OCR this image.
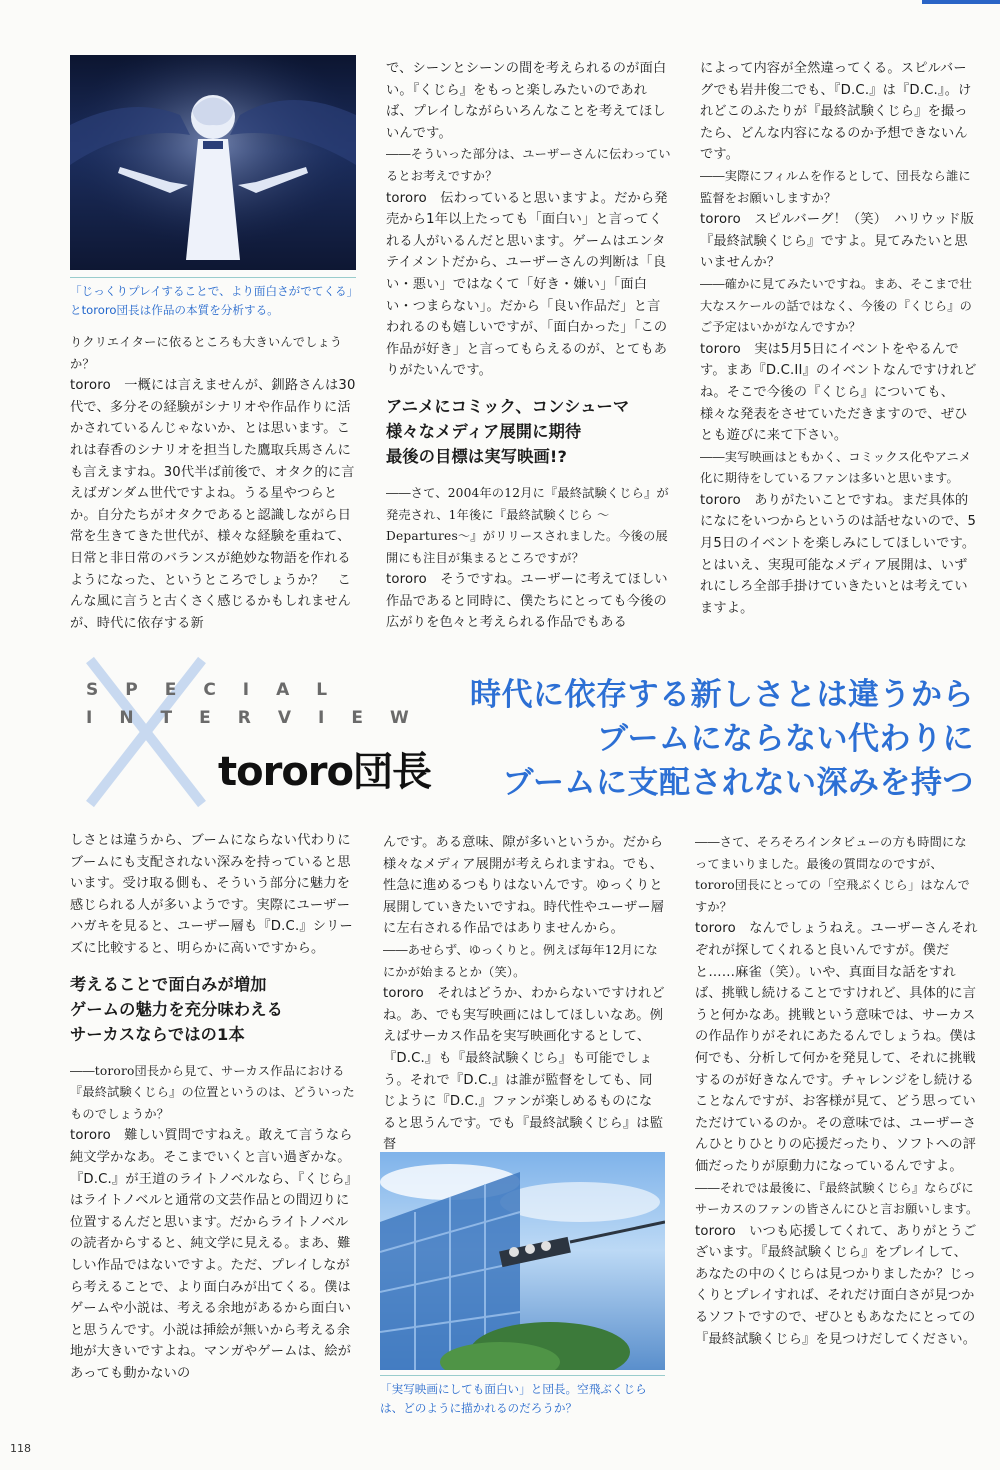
「じっくりプレイすることで、より面白さがでてくる」とtororo団長は作品の本質を分析する。

りクリエイターに依るところも大きいんでしょうか？

tororo　一概には言えませんが、釧路さんは30代で、多分その経験がシナリオや作品作りに活かされているんじゃないか、とは思います。これは春香のシナリオを担当した鷹取兵馬さんにも言えますね。30代半ば前後で、オタク的に言えばガンダム世代ですよね。うる星やつらとか。自分たちがオタクであると認識しながら日常を生きてきた世代が、様々な経験を重ねて、日常と非日常のバランスが絶妙な物語を作れるようになった、というところでしょうか？　こんな風に言うと古くさく感じるかもしれませんが、時代に依存する新

で、シーンとシーンの間を考えられるのが面白い。『くじら』をもっと楽しみたいのであれば、プレイしながらいろんなことを考えてほしいんです。

――そういった部分は、ユーザーさんに伝わっているとお考えですか？

tororo　伝わっていると思いますよ。だから発売から1年以上たっても「面白い」と言ってくれる人がいるんだと思います。ゲームはエンタテイメントだから、ユーザーさんの判断は「良い・悪い」ではなくて「好き・嫌い」「面白い・つまらない」。だから「良い作品だ」と言われるのも嬉しいですが、「面白かった」「この作品が好き」と言ってもらえるのが、とてもありがたいんです。

アニメにコミック、コンシューマ
様々なメディア展開に期待
最後の目標は実写映画!?

――さて、2004年の12月に『最終試験くじら』が発売され、1年後に『最終試験くじら ～Departures～』がリリースされました。今後の展開にも注目が集まるところですが？

tororo　そうですね。ユーザーに考えてほしい作品であると同時に、僕たちにとっても今後の広がりを色々と考えられる作品でもある

によって内容が全然違ってくる。スピルバーグでも岩井俊二でも、『D.C.』は『D.C.』。けれどこのふたりが『最終試験くじら』を撮ったら、どんな内容になるのか予想できないんです。

――実際にフィルムを作るとして、団長なら誰に監督をお願いしますか？

tororo　スピルバーグ！（笑）　ハリウッド版『最終試験くじら』ですよ。見てみたいと思いませんか？

――確かに見てみたいですね。まあ、そこまで壮大なスケールの話ではなく、今後の『くじら』のご予定はいかがなんですか？

tororo　実は5月5日にイベントをやるんです。まあ『D.C.II』のイベントなんですけれどね。そこで今後の『くじら』についても、様々な発表をさせていただきますので、ぜひとも遊びに来て下さい。

――実写映画はともかく、コミックス化やアニメ化に期待をしているファンは多いと思います。

tororo　ありがたいことですね。まだ具体的になにをいつからというのは話せないので、5月5日のイベントを楽しみにしてほしいです。とはいえ、実現可能なメディア展開は、いずれにしろ全部手掛けていきたいとは考えていますよ。

SPECIAL
INTERVIEW
tororo団長
時代に依存する新しさとは違うから
ブームにならない代わりに
ブームに支配されない深みを持つ

しさとは違うから、ブームにならない代わりにブームにも支配されない深みを持っていると思います。受け取る側も、そういう部分に魅力を感じられる人が多いようです。実際にユーザーハガキを見ると、ユーザー層も『D.C.』シリーズに比較すると、明らかに高いですから。

考えることで面白みが増加
ゲームの魅力を充分味わえる
サーカスならではの1本

――tororo団長から見て、サーカス作品における『最終試験くじら』の位置というのは、どういったものでしょうか？

tororo　難しい質問ですねえ。敢えて言うなら純文学かなあ。そこまでいくと言い過ぎかな。『D.C.』が王道のライトノベルなら、『くじら』はライトノベルと通常の文芸作品との間辺りに位置するんだと思います。だからライトノベルの読者からすると、純文学に見える。まあ、難しい作品ではないですよ。ただ、プレイしながら考えることで、より面白みが出てくる。僕はゲームや小説は、考える余地があるから面白いと思うんです。小説は挿絵が無いから考える余地が大きいですよね。マンガやゲームは、絵があっても動かないの

んです。ある意味、隙が多いというか。だから様々なメディア展開が考えられますね。でも、性急に進めるつもりはないんです。ゆっくりと展開していきたいですね。時代性やユーザー層に左右される作品ではありませんから。

――あせらず、ゆっくりと。例えば毎年12月になにかが始まるとか（笑）。

tororo　それはどうか、わからないですけれどね。あ、でも実写映画にはしてほしいなあ。例えばサーカス作品を実写映画化するとして、『D.C.』も『最終試験くじら』も可能でしょう。それで『D.C.』は誰が監督をしても、同じように『D.C.』ファンが楽しめるものになると思うんです。でも『最終試験くじら』は監督

「実写映画にしても面白い」と団長。空飛ぶくじらは、どのように描かれるのだろうか？

――さて、そろそろインタビューの方も時間になってまいりました。最後の質問なのですが、tororo団長にとっての「空飛ぶくじら」はなんですか？

tororo　なんでしょうねえ。ユーザーさんそれぞれが探してくれると良いんですが。僕だと……麻雀（笑）。いや、真面目な話をすれば、挑戦し続けることですけれど、具体的に言うと何かなあ。挑戦という意味では、サーカスの作品作りがそれにあたるんでしょうね。僕は何でも、分析して何かを発見して、それに挑戦するのが好きなんです。チャレンジをし続けることなんですが、お客様が見て、どう思っていただけているのか。その意味では、ユーザーさんひとりひとりの応援だったり、ソフトへの評価だったりが原動力になっているんですよ。

――それでは最後に、『最終試験くじら』ならびにサーカスのファンの皆さんにひと言お願いします。

tororo　いつも応援してくれて、ありがとうございます。『最終試験くじら』をプレイして、あなたの中のくじらは見つかりましたか？じっくりとプレイすれば、それだけ面白さが見つかるソフトですので、ぜひともあなたにとっての『最終試験くじら』を見つけだしてください。

118
